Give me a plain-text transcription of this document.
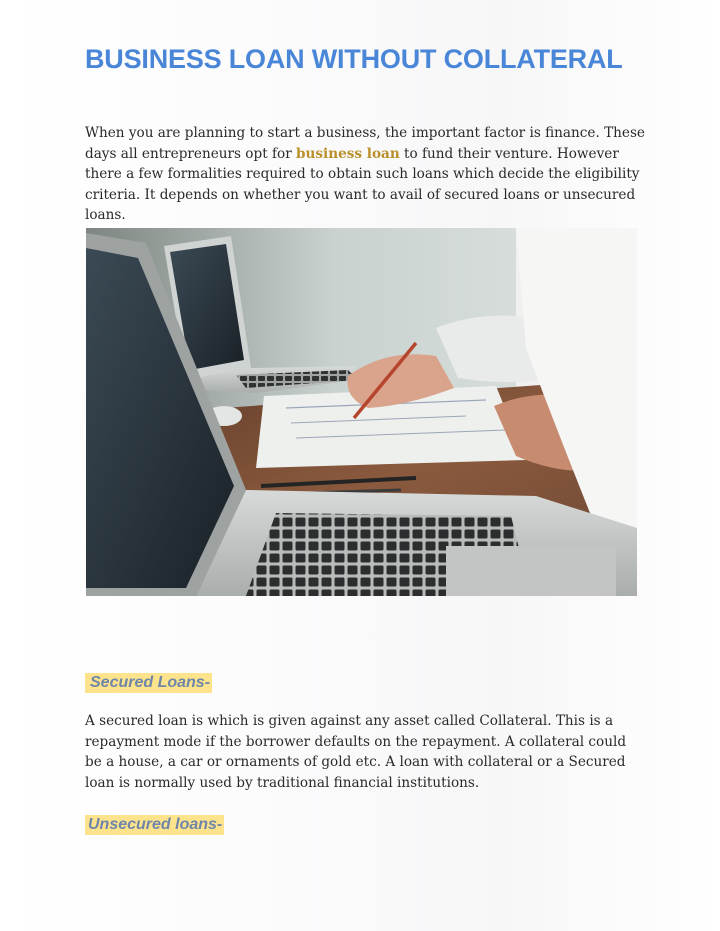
BUSINESS LOAN WITHOUT COLLATERAL

When you are planning to start a business, the important factor is finance. These days all entrepreneurs opt for business loan to fund their venture. However there a few formalities required to obtain such loans which decide the eligibility criteria. It depends on whether you want to avail of secured loans or unsecured loans.

Secured Loans-

A secured loan is which is given against any asset called Collateral. This is a repayment mode if the borrower defaults on the repayment. A collateral could be a house, a car or ornaments of gold etc. A loan with collateral or a Secured loan is normally used by traditional financial institutions.

Unsecured loans-
